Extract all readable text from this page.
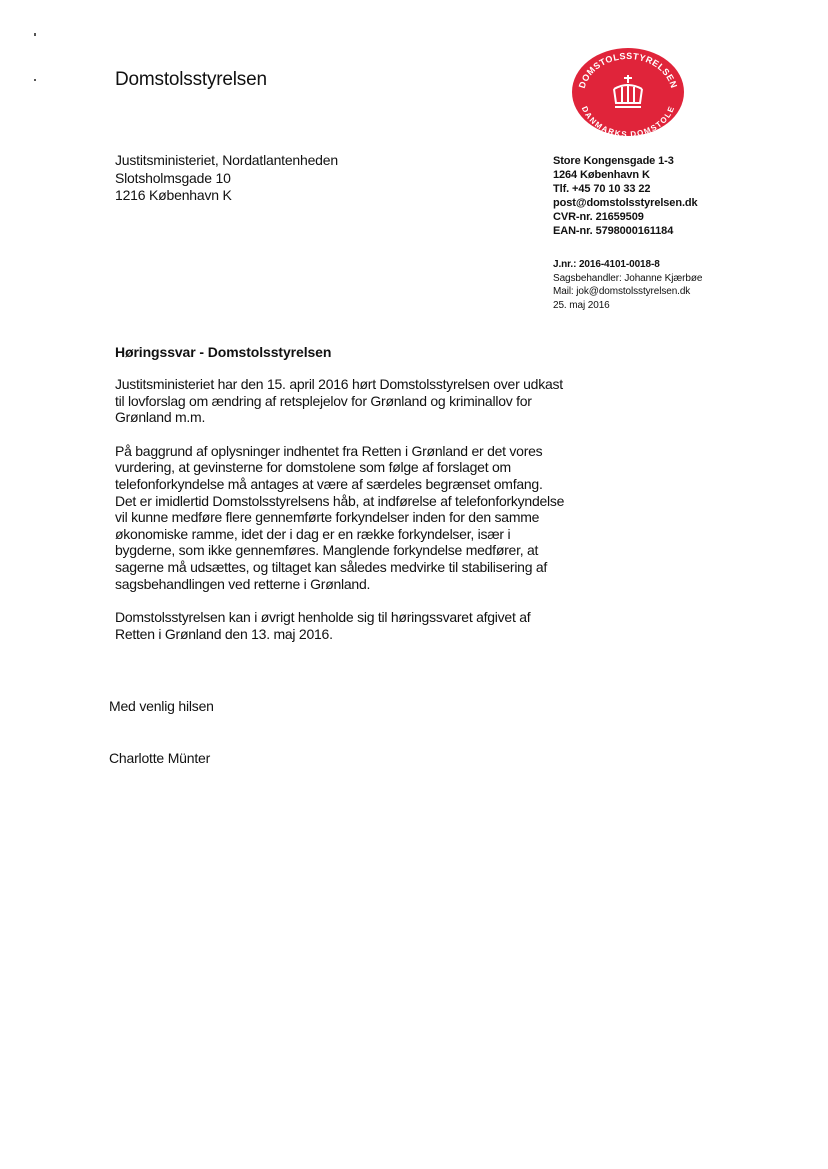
Domstolsstyrelsen	DOMSTOLSSTYRELSEN
DANMARKS DOMSTOLE
Justitsministeriet, Nordatlantenheden
Slotsholmsgade 10
1216 København K
Store Kongensgade 1-3
1264 København K
Tlf. +45 70 10 33 22
post@domstolsstyrelsen.dk
CVR-nr. 21659509
EAN-nr. 5798000161184
J.nr.: 2016-4101-0018-8
Sagsbehandler: Johanne Kjærbøe
Mail: jok@domstolsstyrelsen.dk
25. maj 2016
Høringssvar - Domstolsstyrelsen
Justitsministeriet har den 15. april 2016 hørt Domstolsstyrelsen over udkast
til lovforslag om ændring af retsplejelov for Grønland og kriminallov for
Grønland m.m.
På baggrund af oplysninger indhentet fra Retten i Grønland er det vores
vurdering, at gevinsterne for domstolene som følge af forslaget om
telefonforkyndelse må antages at være af særdeles begrænset omfang.
Det er imidlertid Domstolsstyrelsens håb, at indførelse af telefonforkyndelse
vil kunne medføre flere gennemførte forkyndelser inden for den samme
økonomiske ramme, idet der i dag er en række forkyndelser, især i
bygderne, som ikke gennemføres. Manglende forkyndelse medfører, at
sagerne må udsættes, og tiltaget kan således medvirke til stabilisering af
sagsbehandlingen ved retterne i Grønland.
Domstolsstyrelsen kan i øvrigt henholde sig til høringssvaret afgivet af
Retten i Grønland den 13. maj 2016.
Med venlig hilsen
Charlotte Münter
